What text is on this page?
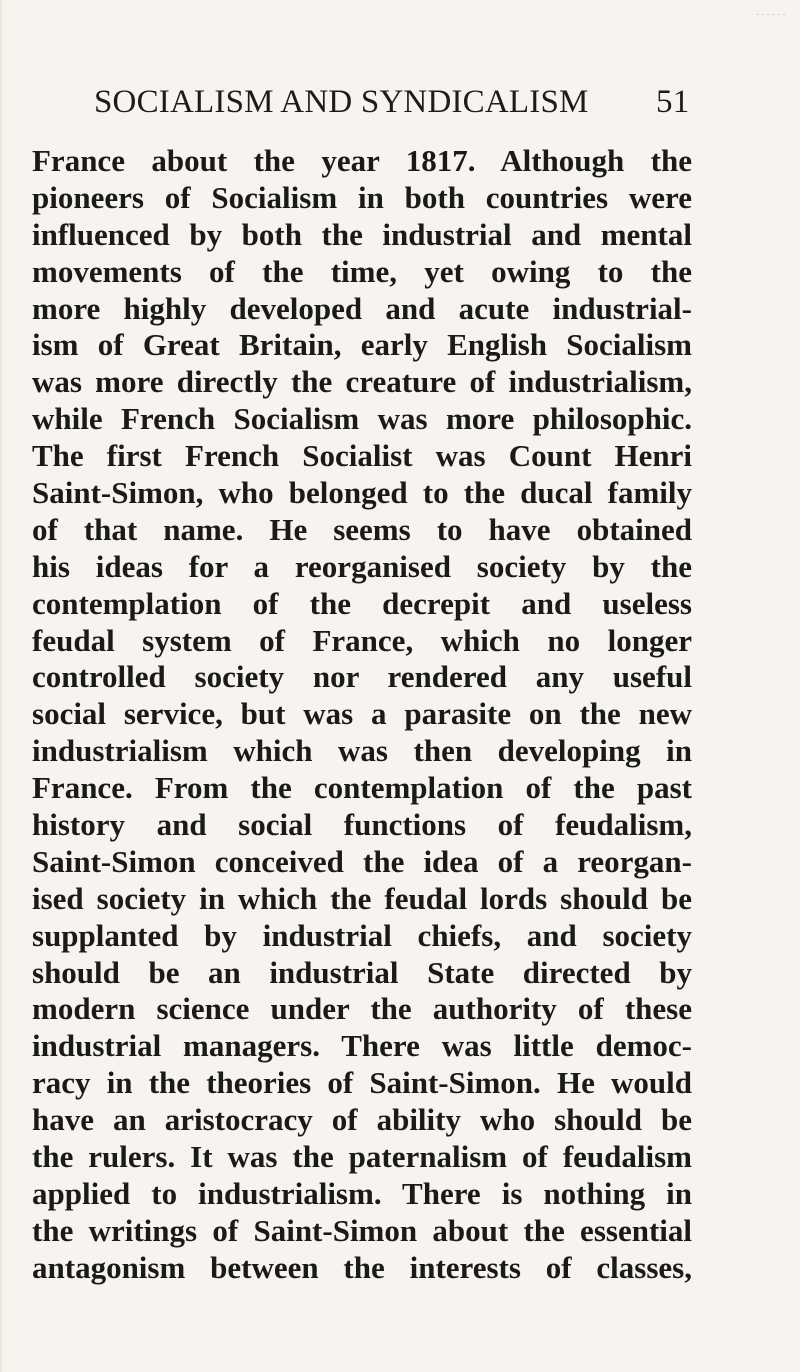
SOCIALISM AND SYNDICALISM 51
France about the year 1817. Although the
pioneers of Socialism in both countries were
influenced by both the industrial and mental
movements of the time, yet owing to the
more highly developed and acute industrial-
ism of Great Britain, early English Socialism
was more directly the creature of industrialism,
while French Socialism was more philosophic.
The first French Socialist was Count Henri
Saint-Simon, who belonged to the ducal family
of that name. He seems to have obtained
his ideas for a reorganised society by the
contemplation of the decrepit and useless
feudal system of France, which no longer
controlled society nor rendered any useful
social service, but was a parasite on the new
industrialism which was then developing in
France. From the contemplation of the past
history and social functions of feudalism,
Saint-Simon conceived the idea of a reorgan-
ised society in which the feudal lords should be
supplanted by industrial chiefs, and society
should be an industrial State directed by
modern science under the authority of these
industrial managers. There was little democ-
racy in the theories of Saint-Simon. He would
have an aristocracy of ability who should be
the rulers. It was the paternalism of feudalism
applied to industrialism. There is nothing in
the writings of Saint-Simon about the essential
antagonism between the interests of classes,
